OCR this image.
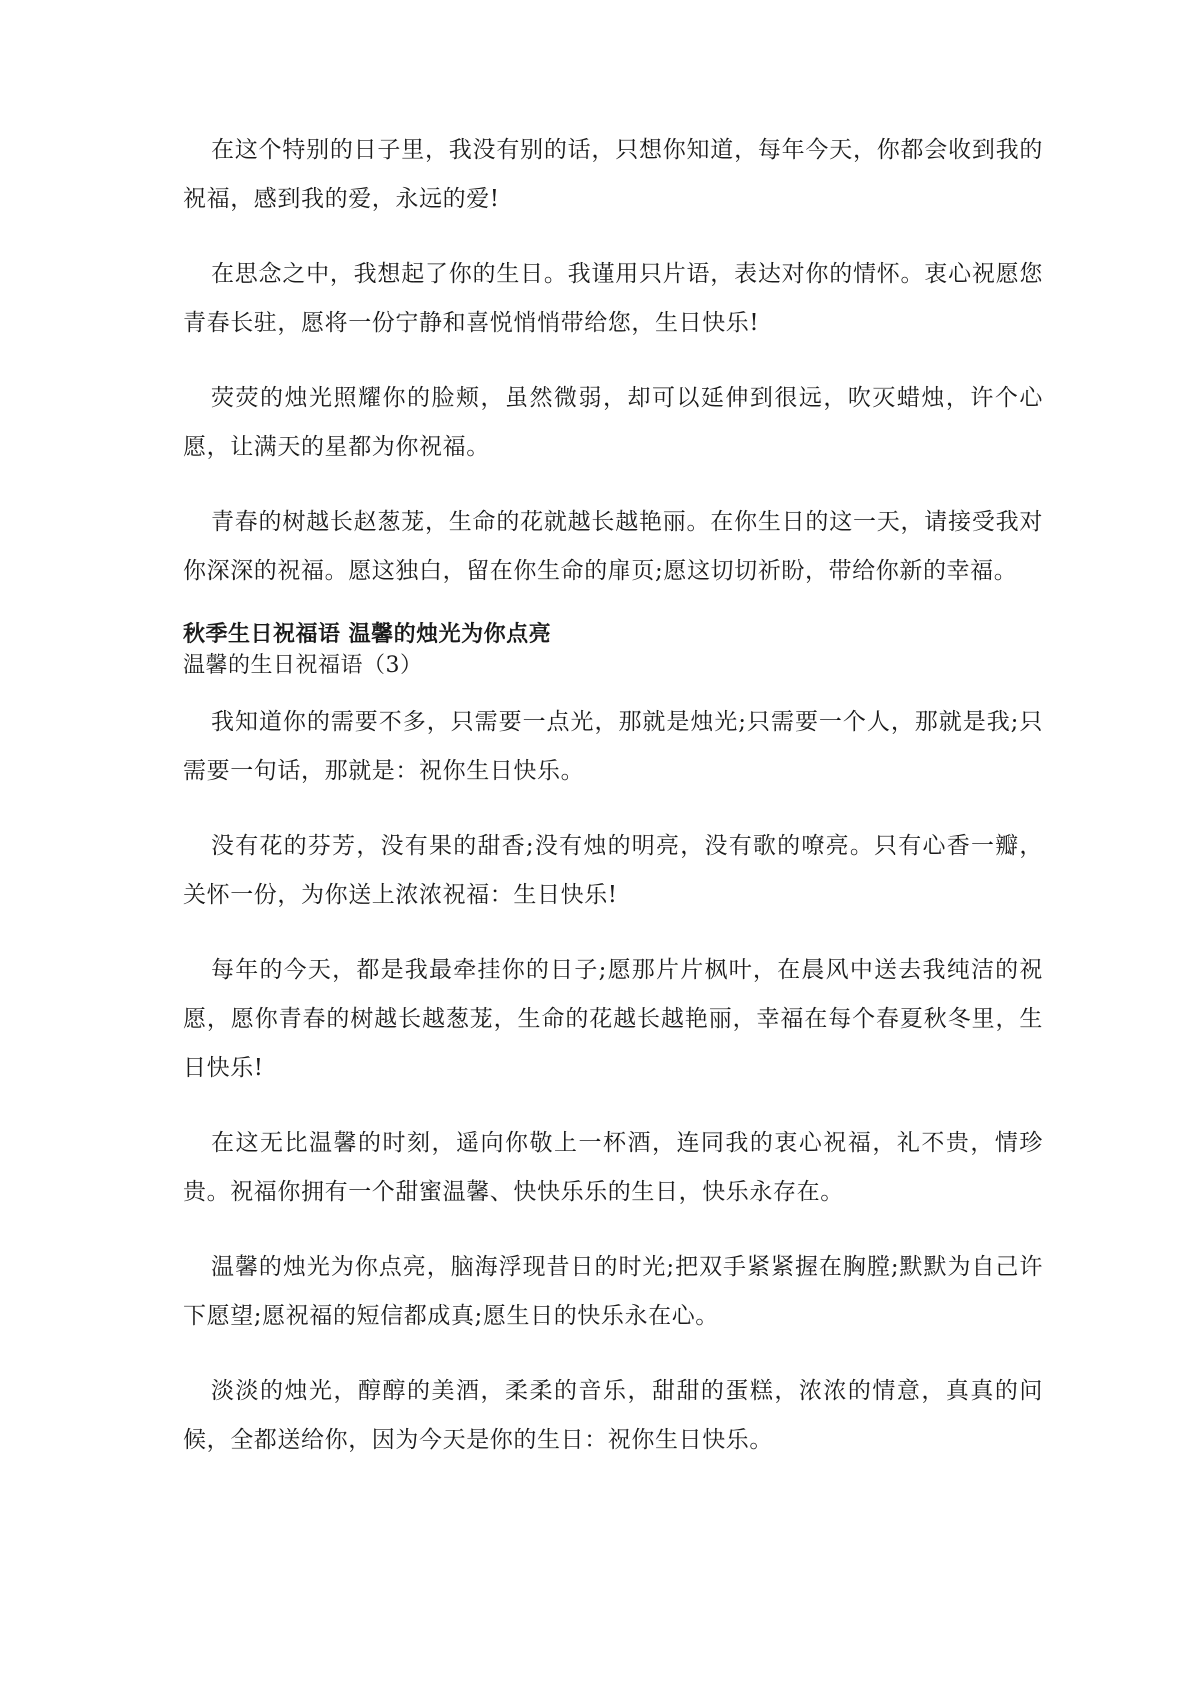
在这个特别的日子里，我没有别的话，只想你知道，每年今天，你都会收到我的祝福，感到我的爱，永远的爱!

在思念之中，我想起了你的生日。我谨用只片语，表达对你的情怀。衷心祝愿您青春长驻，愿将一份宁静和喜悦悄悄带给您，生日快乐!

荧荧的烛光照耀你的脸颊，虽然微弱，却可以延伸到很远，吹灭蜡烛，许个心愿，让满天的星都为你祝福。

青春的树越长赵葱茏，生命的花就越长越艳丽。在你生日的这一天，请接受我对你深深的祝福。愿这独白，留在你生命的扉页;愿这切切祈盼，带给你新的幸福。

秋季生日祝福语 温馨的烛光为你点亮
温馨的生日祝福语（3）

我知道你的需要不多，只需要一点光，那就是烛光;只需要一个人，那就是我;只需要一句话，那就是：祝你生日快乐。

没有花的芬芳，没有果的甜香;没有烛的明亮，没有歌的嘹亮。只有心香一瓣，关怀一份，为你送上浓浓祝福：生日快乐!

每年的今天，都是我最牵挂你的日子;愿那片片枫叶，在晨风中送去我纯洁的祝愿，愿你青春的树越长越葱茏，生命的花越长越艳丽，幸福在每个春夏秋冬里，生日快乐!

在这无比温馨的时刻，遥向你敬上一杯酒，连同我的衷心祝福，礼不贵，情珍贵。祝福你拥有一个甜蜜温馨、快快乐乐的生日，快乐永存在。

温馨的烛光为你点亮，脑海浮现昔日的时光;把双手紧紧握在胸膛;默默为自己许下愿望;愿祝福的短信都成真;愿生日的快乐永在心。

淡淡的烛光，醇醇的美酒，柔柔的音乐，甜甜的蛋糕，浓浓的情意，真真的问候，全都送给你，因为今天是你的生日：祝你生日快乐。
